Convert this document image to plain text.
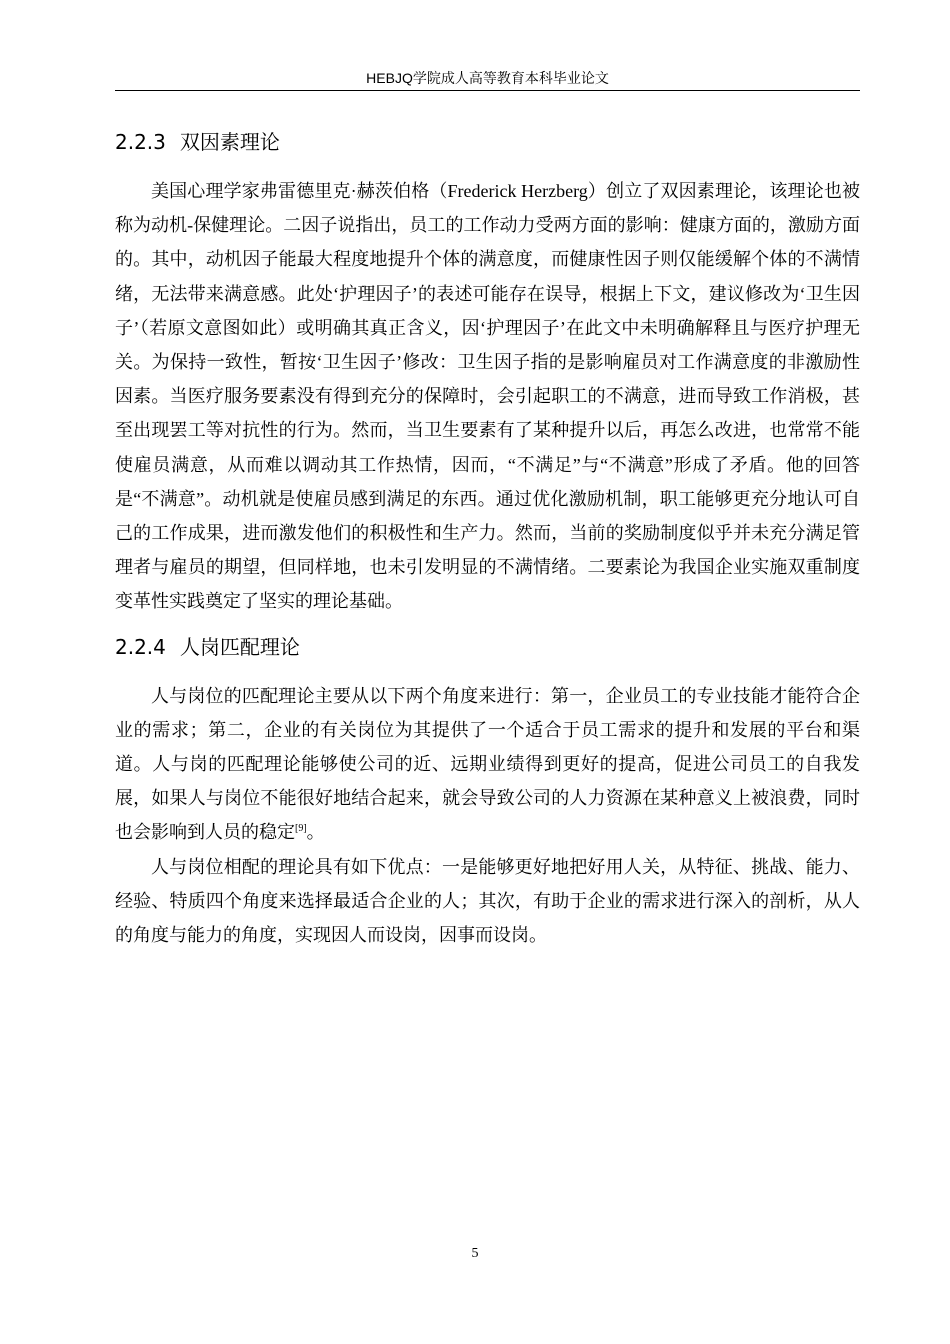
HEBJQ学院成人高等教育本科毕业论文
2.2.3 双因素理论

美国心理学家弗雷德里克·赫茨伯格（Frederick Herzberg）创立了双因素理论，该理论也被称为动机-保健理论。二因子说指出，员工的工作动力受两方面的影响：健康方面的，激励方面的。其中，动机因子能最大程度地提升个体的满意度，而健康性因子则仅能缓解个体的不满情绪，无法带来满意感。此处‘护理因子’的表述可能存在误导，根据上下文，建议修改为‘卫生因子’（若原文意图如此）或明确其真正含义，因‘护理因子’在此文中未明确解释且与医疗护理无关。为保持一致性，暂按‘卫生因子’修改：卫生因子指的是影响雇员对工作满意度的非激励性因素。当医疗服务要素没有得到充分的保障时，会引起职工的不满意，进而导致工作消极，甚至出现罢工等对抗性的行为。然而，当卫生要素有了某种提升以后，再怎么改进，也常常不能使雇员满意，从而难以调动其工作热情，因而，“不满足”与“不满意”形成了矛盾。他的回答是“不满意”。动机就是使雇员感到满足的东西。通过优化激励机制，职工能够更充分地认可自己的工作成果，进而激发他们的积极性和生产力。然而，当前的奖励制度似乎并未充分满足管理者与雇员的期望，但同样地，也未引发明显的不满情绪。二要素论为我国企业实施双重制度变革性实践奠定了坚实的理论基础。

2.2.4 人岗匹配理论

人与岗位的匹配理论主要从以下两个角度来进行：第一，企业员工的专业技能才能符合企业的需求；第二，企业的有关岗位为其提供了一个适合于员工需求的提升和发展的平台和渠道。人与岗的匹配理论能够使公司的近、远期业绩得到更好的提高，促进公司员工的自我发展，如果人与岗位不能很好地结合起来，就会导致公司的人力资源在某种意义上被浪费，同时也会影响到人员的稳定[9]。

人与岗位相配的理论具有如下优点：一是能够更好地把好用人关，从特征、挑战、能力、经验、特质四个角度来选择最适合企业的人；其次，有助于企业的需求进行深入的剖析，从人的角度与能力的角度，实现因人而设岗，因事而设岗。

5
